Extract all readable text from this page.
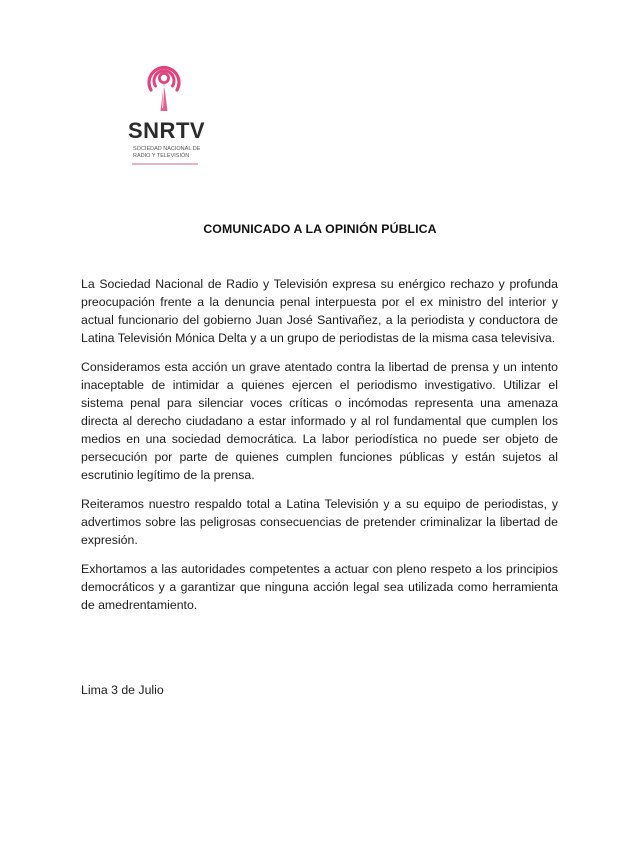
SNRTV
SOCIEDAD NACIONAL DE
RADIO Y TELEVISIÓN
COMUNICADO A LA OPINIÓN PÚBLICA

La Sociedad Nacional de Radio y Televisión expresa su enérgico rechazo y profunda preocupación frente a la denuncia penal interpuesta por el ex ministro del interior y actual funcionario del gobierno Juan José Santivañez, a la periodista y conductora de Latina Televisión Mónica Delta y a un grupo de periodistas de la misma casa televisiva.

Consideramos esta acción un grave atentado contra la libertad de prensa y un intento inaceptable de intimidar a quienes ejercen el periodismo investigativo. Utilizar el sistema penal para silenciar voces críticas o incómodas representa una amenaza directa al derecho ciudadano a estar informado y al rol fundamental que cumplen los medios en una sociedad democrática. La labor periodística no puede ser objeto de persecución por parte de quienes cumplen funciones públicas y están sujetos al escrutinio legítimo de la prensa.

Reiteramos nuestro respaldo total a Latina Televisión y a su equipo de periodistas, y advertimos sobre las peligrosas consecuencias de pretender criminalizar la libertad de expresión.

Exhortamos a las autoridades competentes a actuar con pleno respeto a los principios democráticos y a garantizar que ninguna acción legal sea utilizada como herramienta de amedrentamiento.

Lima 3 de Julio
